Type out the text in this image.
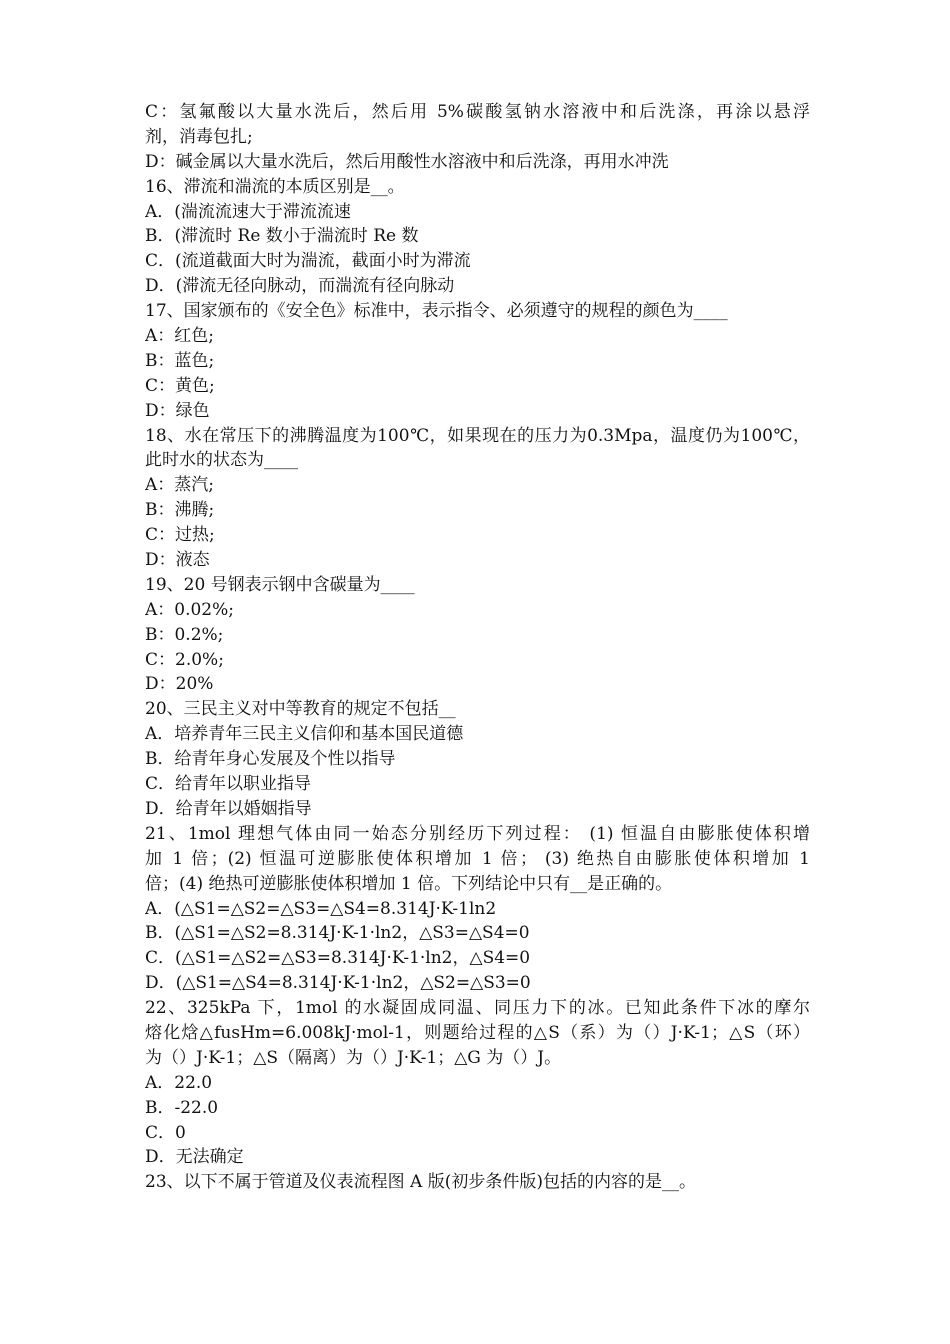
C：氢氟酸以大量水洗后，然后用 5%碳酸氢钠水溶液中和后洗涤，再涂以悬浮
剂，消毒包扎;
D：碱金属以大量水洗后，然后用酸性水溶液中和后洗涤，再用水冲洗
16、滞流和湍流的本质区别是__。
A．(湍流流速大于滞流流速
B．(滞流时 Re 数小于湍流时 Re 数
C．(流道截面大时为湍流，截面小时为滞流
D．(滞流无径向脉动，而湍流有径向脉动
17、国家颁布的《安全色》标准中，表示指令、必须遵守的规程的颜色为____
A：红色;
B：蓝色;
C：黄色;
D：绿色
18、水在常压下的沸腾温度为100℃，如果现在的压力为0.3Mpa，温度仍为100℃，
此时水的状态为____
A：蒸汽;
B：沸腾;
C：过热;
D：液态
19、20 号钢表示钢中含碳量为____
A：0.02%;
B：0.2%;
C：2.0%;
D：20%
20、三民主义对中等教育的规定不包括__
A．培养青年三民主义信仰和基本国民道德
B．给青年身心发展及个性以指导
C．给青年以职业指导
D．给青年以婚姻指导
21、1mol 理想气体由同一始态分别经历下列过程： (1) 恒温自由膨胀使体积增
加 1 倍；(2) 恒温可逆膨胀使体积增加 1 倍； (3) 绝热自由膨胀使体积增加 1
倍；(4) 绝热可逆膨胀使体积增加 1 倍。下列结论中只有__是正确的。
A．(△S1=△S2=△S3=△S4=8.314J·K-1ln2
B．(△S1=△S2=8.314J·K-1·ln2，△S3=△S4=0
C．(△S1=△S2=△S3=8.314J·K-1·ln2，△S4=0
D．(△S1=△S4=8.314J·K-1·ln2，△S2=△S3=0
22、325kPa 下，1mol 的水凝固成同温、同压力下的冰。已知此条件下冰的摩尔
熔化焓△fusHm=6.008kJ·mol-1，则题给过程的△S（系）为（）J·K-1；△S（环）
为（）J·K-1；△S（隔离）为（）J·K-1；△G 为（）J。
A．22.0
B．-22.0
C．0
D．无法确定
23、以下不属于管道及仪表流程图 A 版(初步条件版)包括的内容的是__。
